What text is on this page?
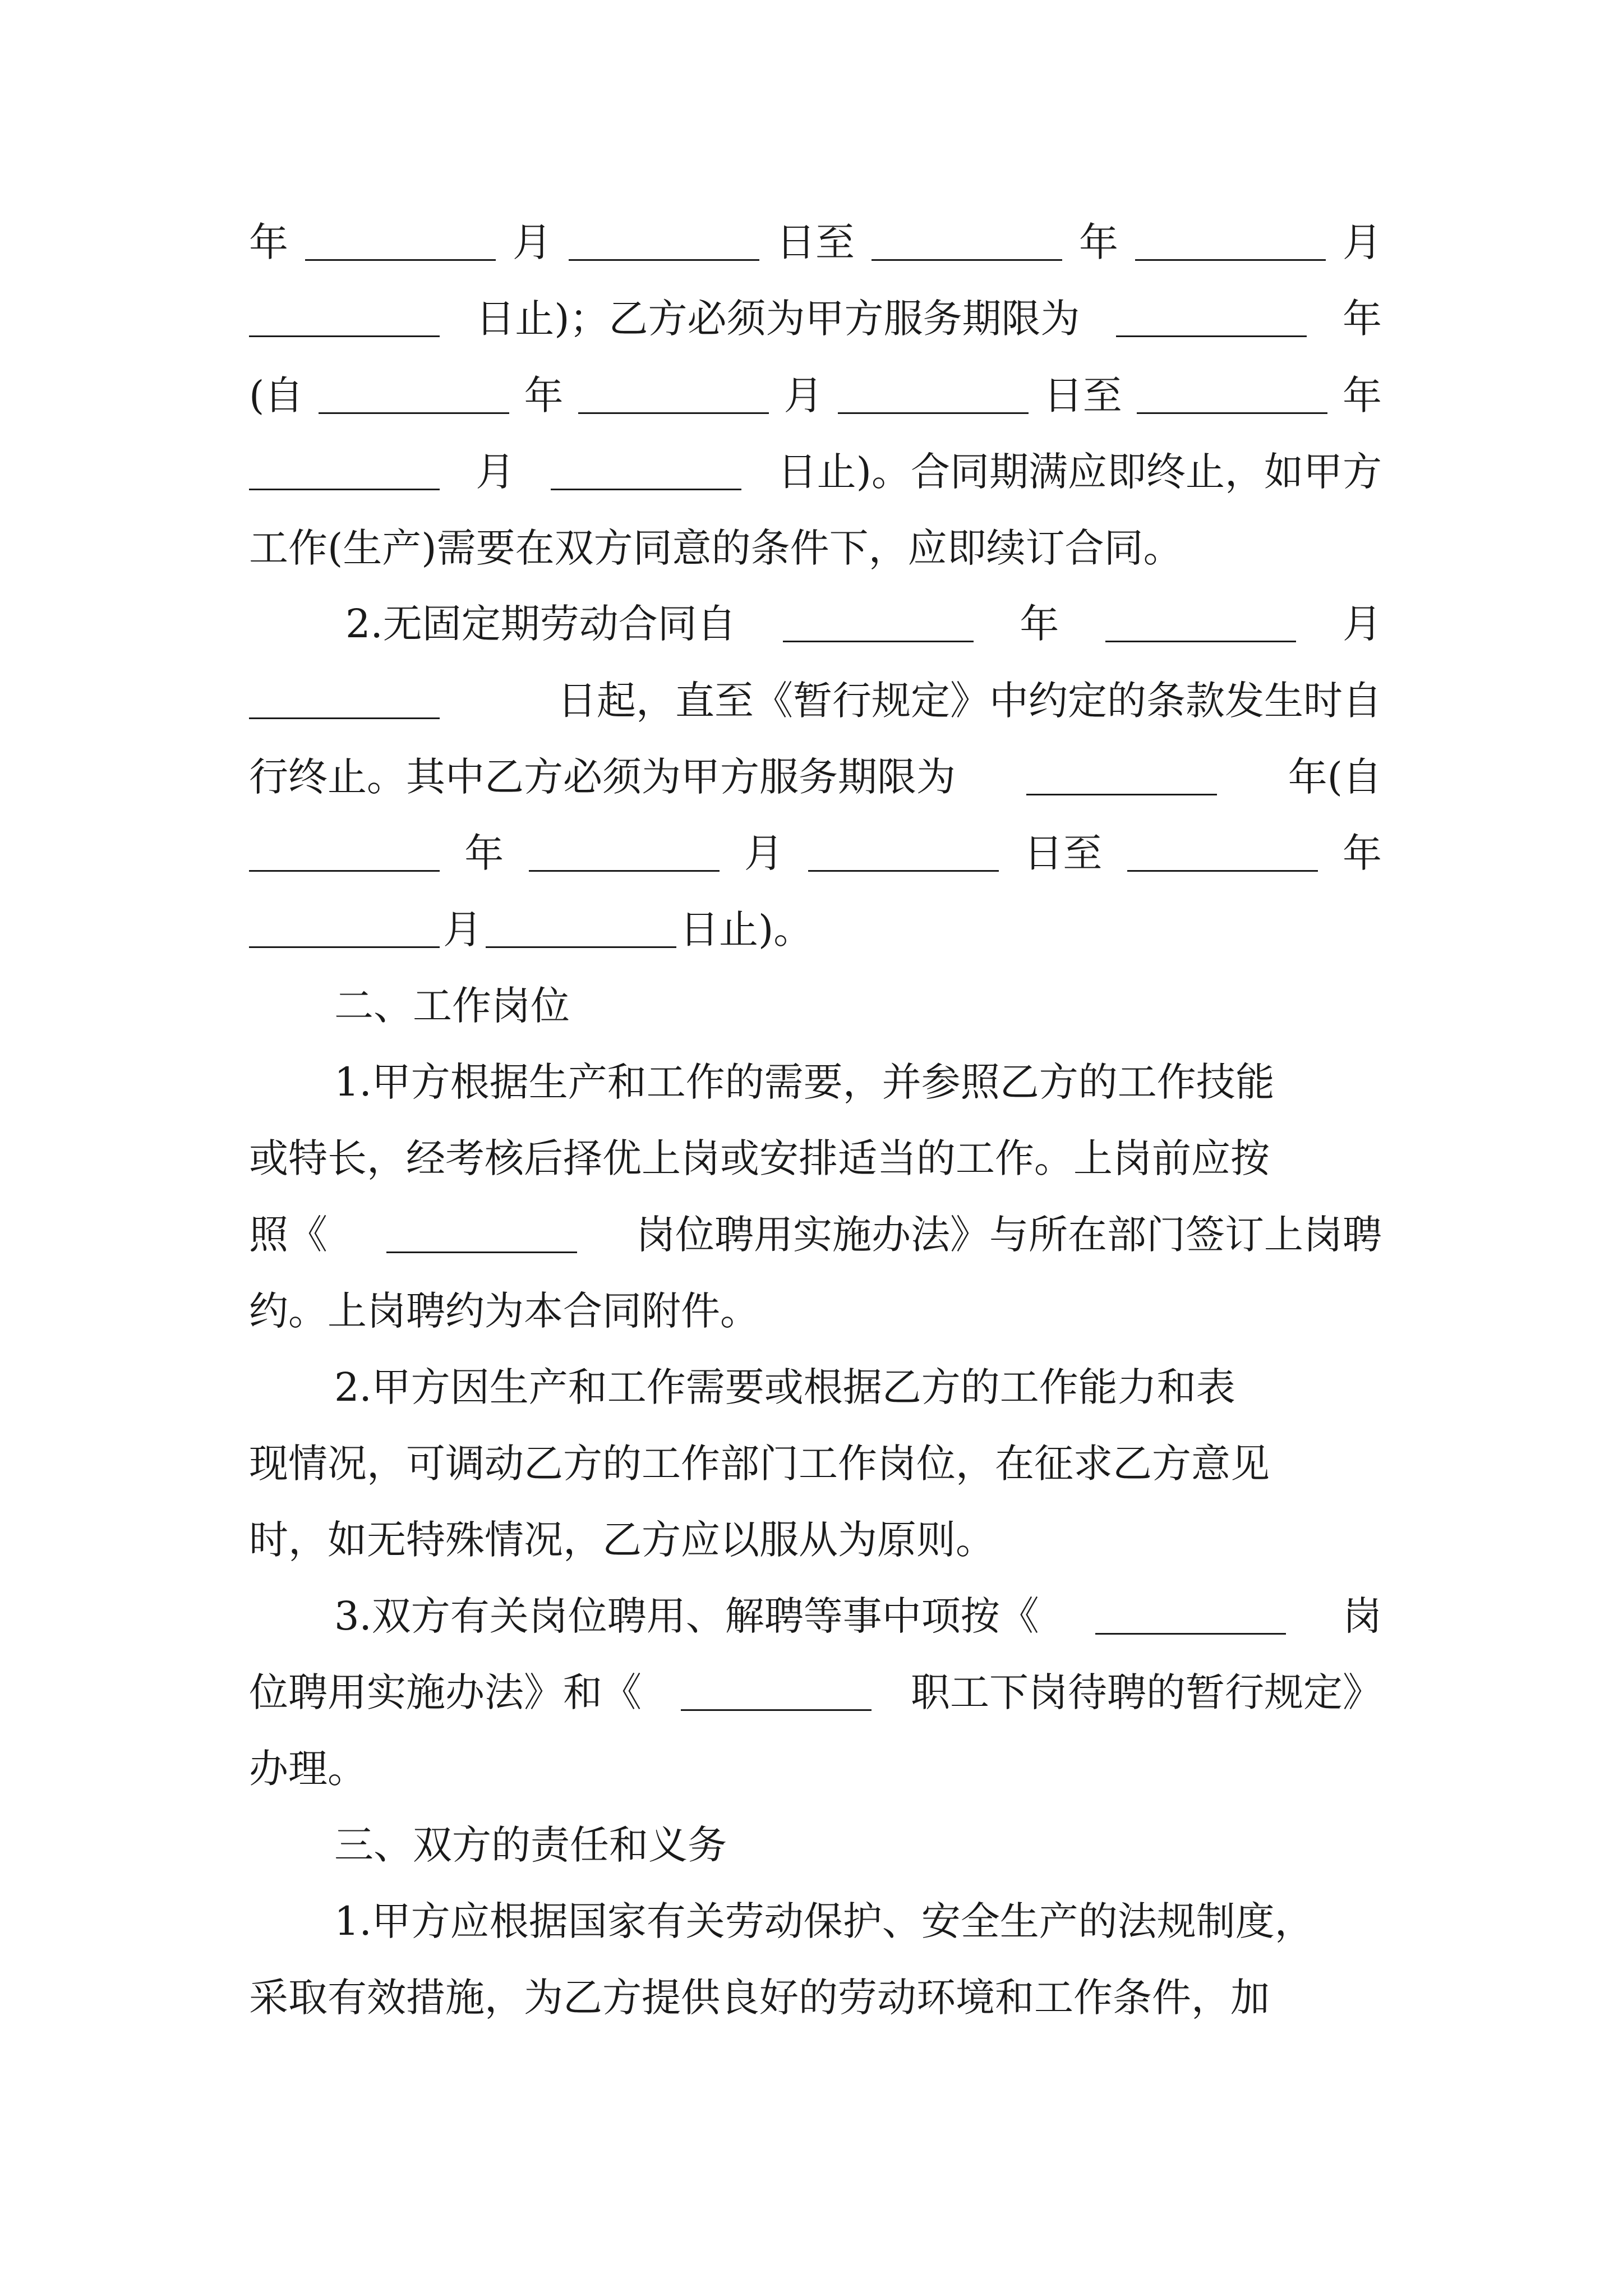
年	月	日至	年	月
日止)；乙方必须为甲方服务期限为	年
(自	年	月	日至	年
月	日止)。合同期满应即终止，如甲方
工作(生产)需要在双方同意的条件下，应即续订合同。
2.无固定期劳动合同自	年	月
日起，直至《暂行规定》中约定的条款发生时自
行终止。其中乙方必须为甲方服务期限为	年(自
年	月	日至	年
月	日止)。
二、工作岗位
1.甲方根据生产和工作的需要，并参照乙方的工作技能
或特长，经考核后择优上岗或安排适当的工作。上岗前应按
照《	岗位聘用实施办法》与所在部门签订上岗聘
约。上岗聘约为本合同附件。
2.甲方因生产和工作需要或根据乙方的工作能力和表
现情况，可调动乙方的工作部门工作岗位，在征求乙方意见
时，如无特殊情况，乙方应以服从为原则。
3.双方有关岗位聘用、解聘等事中项按《	岗
位聘用实施办法》和《	职工下岗待聘的暂行规定》
办理。
三、双方的责任和义务
1.甲方应根据国家有关劳动保护、安全生产的法规制度，
采取有效措施，为乙方提供良好的劳动环境和工作条件，加
